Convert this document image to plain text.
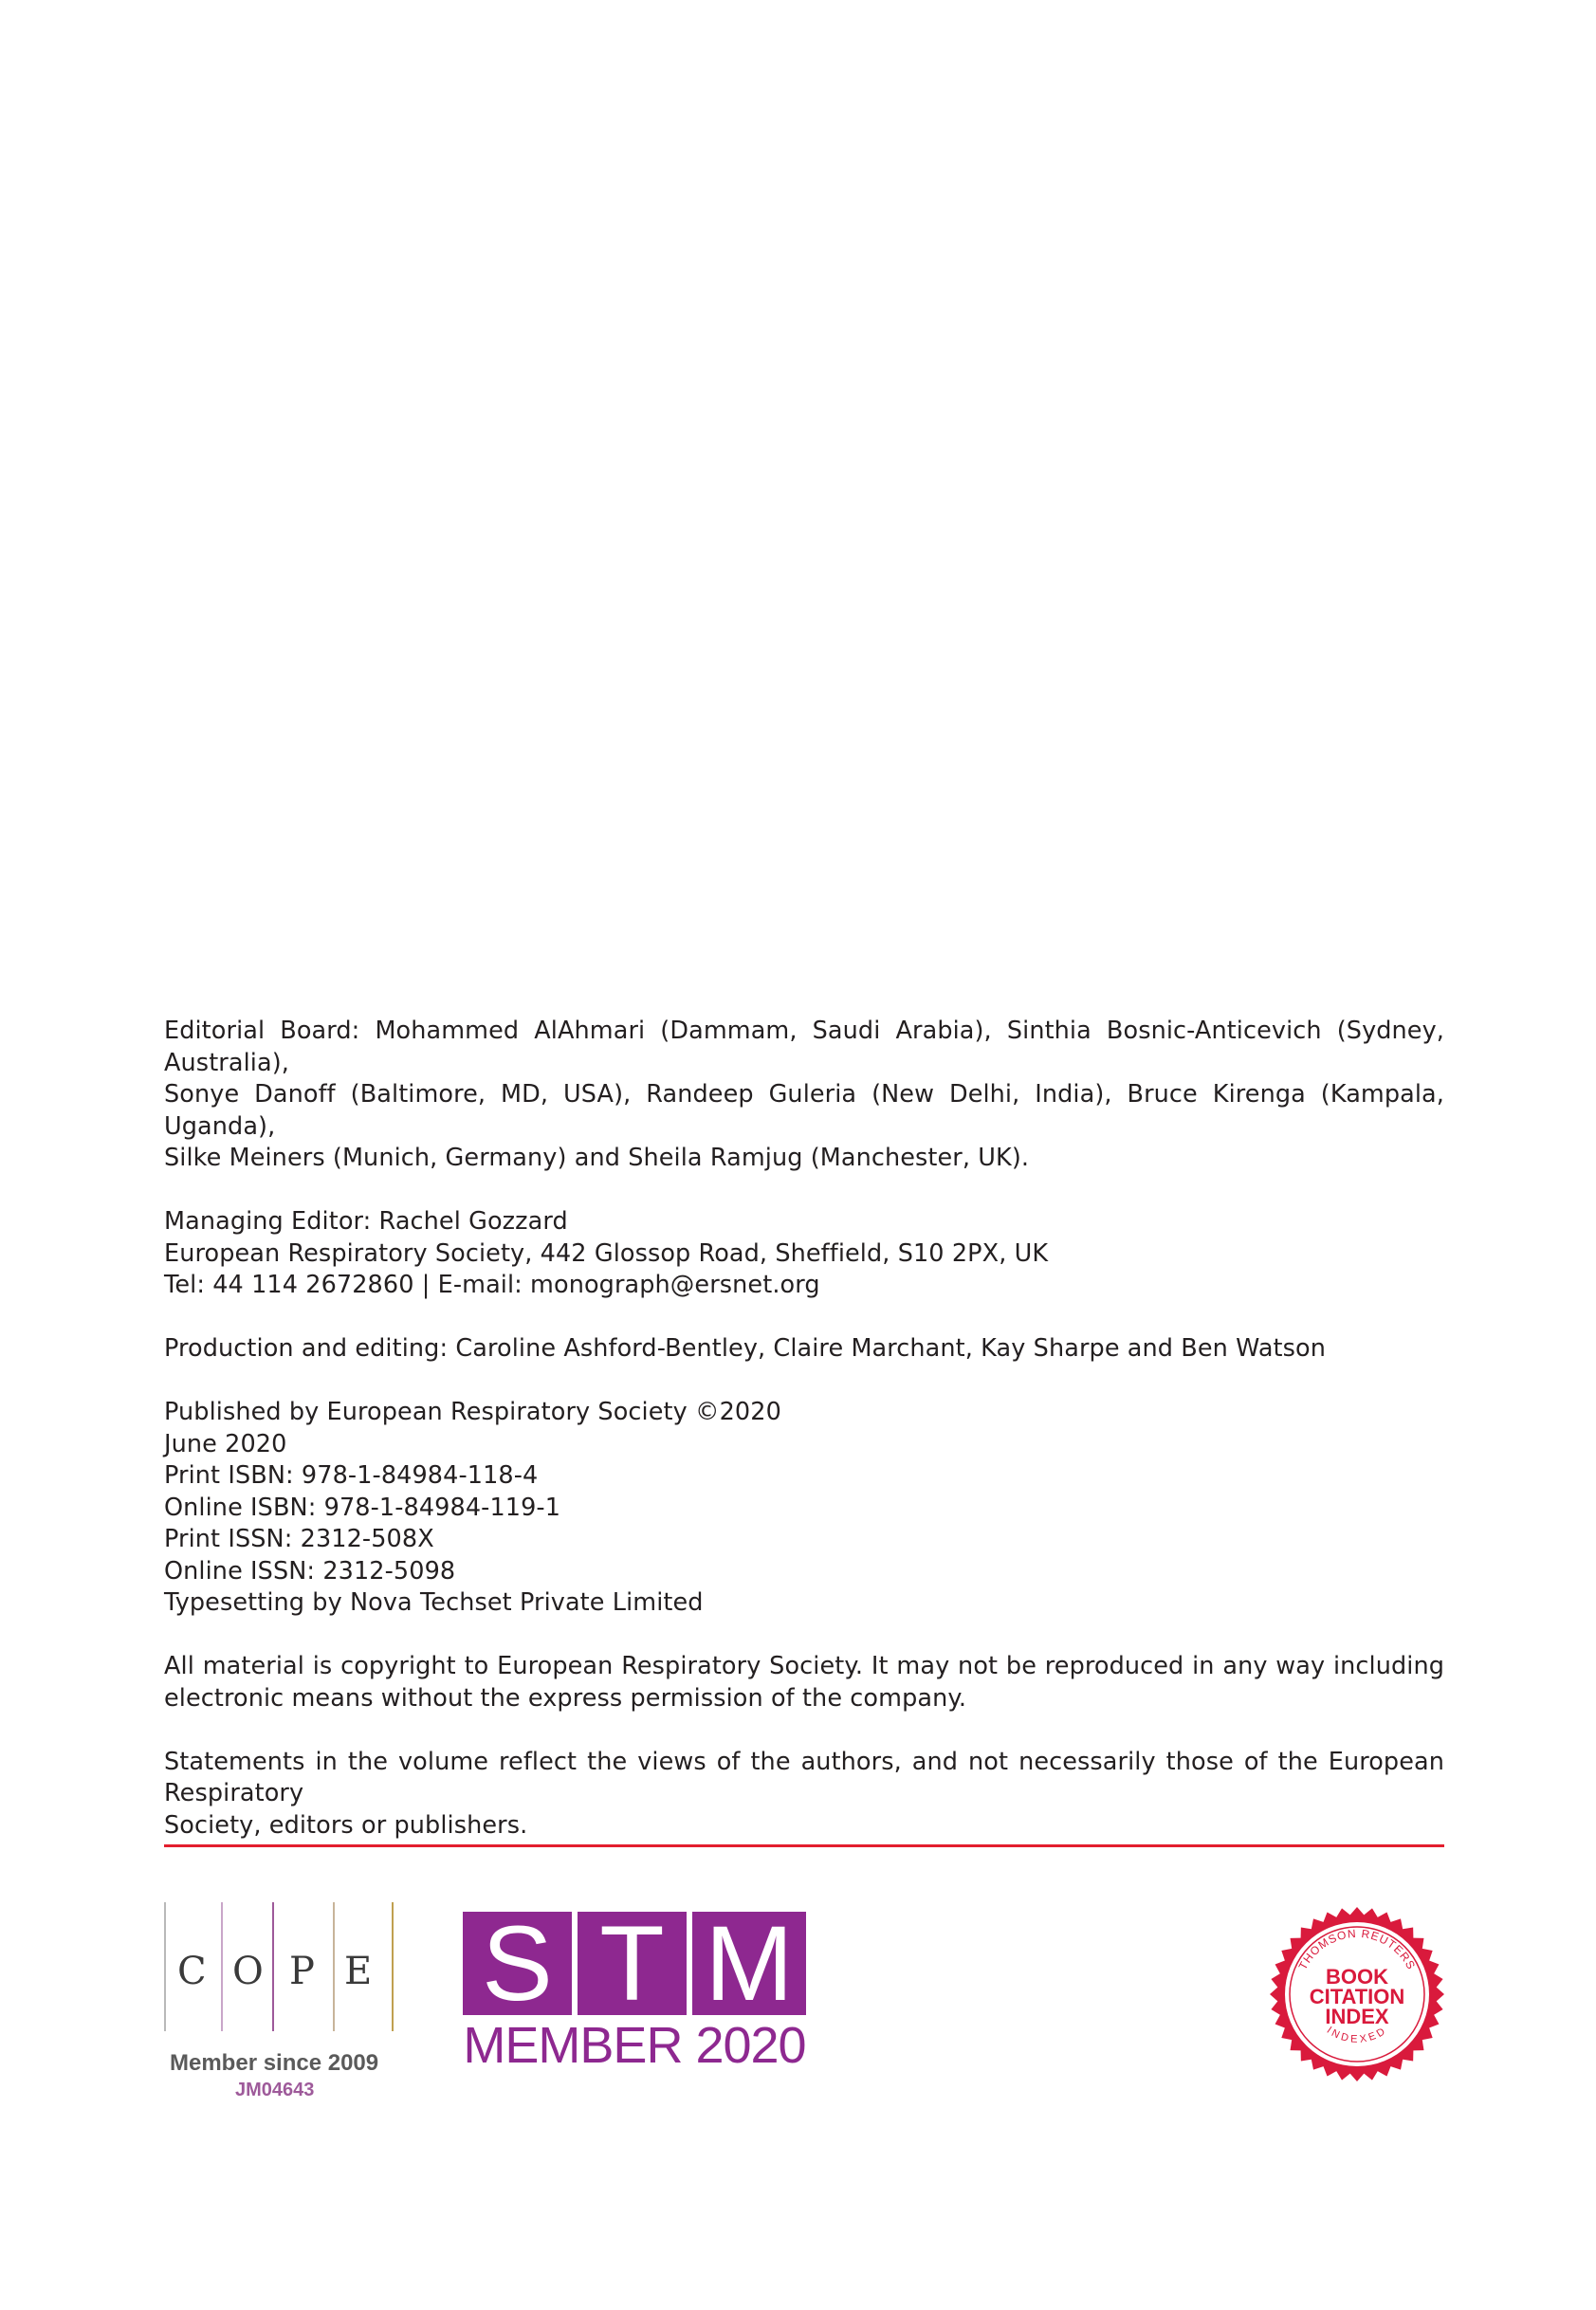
Editorial Board: Mohammed AlAhmari (Dammam, Saudi Arabia), Sinthia Bosnic-Anticevich (Sydney, Australia),
Sonye Danoff (Baltimore, MD, USA), Randeep Guleria (New Delhi, India), Bruce Kirenga (Kampala, Uganda),
Silke Meiners (Munich, Germany) and Sheila Ramjug (Manchester, UK).

Managing Editor: Rachel Gozzard
European Respiratory Society, 442 Glossop Road, Sheffield, S10 2PX, UK
Tel: 44 114 2672860 | E-mail: monograph@ersnet.org

Production and editing: Caroline Ashford-Bentley, Claire Marchant, Kay Sharpe and Ben Watson

Published by European Respiratory Society ©2020
June 2020
Print ISBN: 978-1-84984-118-4
Online ISBN: 978-1-84984-119-1
Print ISSN: 2312-508X
Online ISSN: 2312-5098
Typesetting by Nova Techset Private Limited

All material is copyright to European Respiratory Society. It may not be reproduced in any way including
electronic means without the express permission of the company.

Statements in the volume reflect the views of the authors, and not necessarily those of the European Respiratory
Society, editors or publishers.

C O P E
Member since 2009
JM04643
S T M
MEMBER 2020
THOMSON REUTERS
INDEXED
BOOK
CITATION
INDEX
